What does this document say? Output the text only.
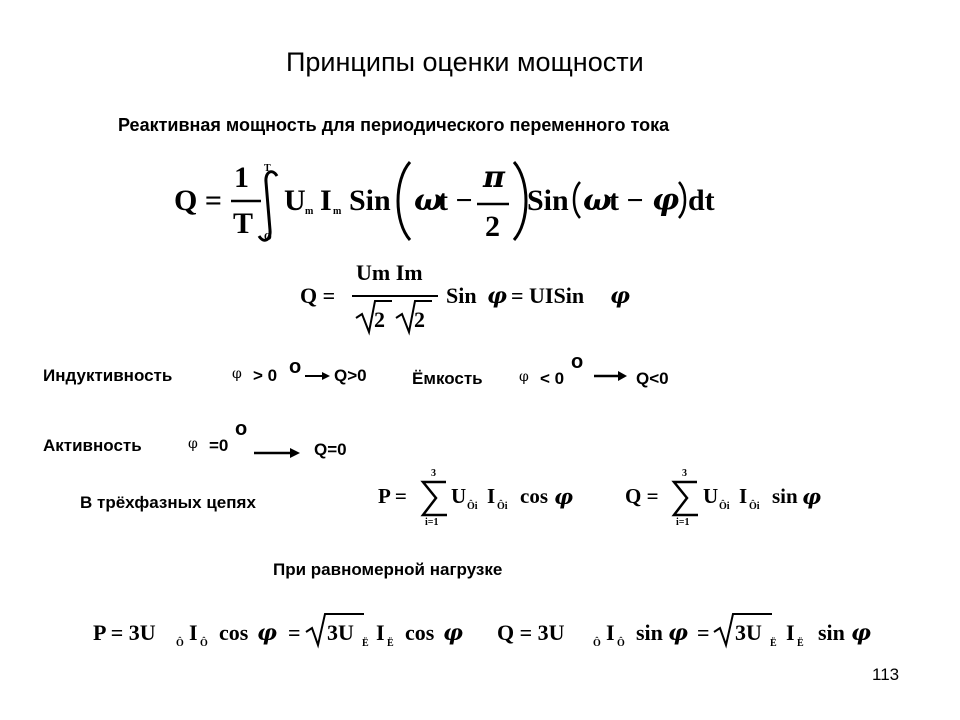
Принципы оценки мощности
Реактивная мощность для периодического переменного тока
Q =
1
T
T
O
U m I m Sin ω
t −
π
2
Sin ω
t − φ dt
Q =
Um Im
2 2
Sin φ = UISin φ
Индуктивность	φ > 0 o Q>0	Ёмкость	φ < 0
o
Q<0
Активность	φ =0
o
Q=0
В трёхфазных цепях	P =
3
i=1
U Ôi I Ôi cos φ Q =
3
i=1
U Ôi I Ôi sin φ
При равномерной нагрузке
P = 3U Ô I Ô cos φ = 3U Ë I Ë cos φ Q = 3U	Ô I Ô sin φ = 3U Ë I Ë sin φ
113
